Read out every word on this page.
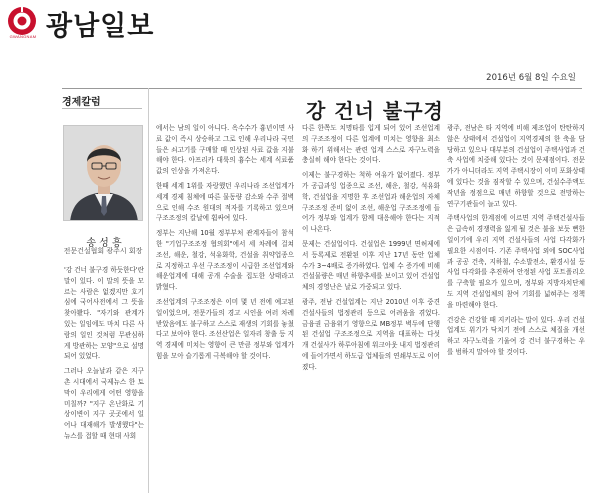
GWANGNAM 광남일보
2016년 6월 8일 수요일
경제칼럼	강 건너 불구경
송 성 흥
전문건설협회 광주시 회장

'강 건너 불구경 하듯한다'란 말이 있다. 이 말의 뜻을 모르는 사람은 없겠지만 호기심에 국어사전에서 그 뜻을 찾아봤다. "자기와 관계가 있는 일임에도 마치 다른 사람의 일인 것처럼 무관심하게 방관하는 모양"으로 설명되어 있었다.

그러나 오늘날과 같은 지구촌 시대에서 국제뉴스 한 토막이 우리에게 어떤 영향을 미칠까? "지구 온난화로 기상이변이 지구 곳곳에서 일어나 대재해가 발생했다"는 뉴스를 접할 때 현대 사회

에서는 남의 일이 아니다. 옥수수가 흉년이면 사료 값이 즉시 상승하고 그로 인해 우리나라 국민들은 쇠고기를 구매할 때 인상된 사료 값을 지불해야 한다. 아프리카 대륙의 흉수는 세계 식료품값의 인상을 가져온다.

한때 세계 1위를 자랑했던 우리나라 조선업계가 세계 경제 침체에 따른 물동량 감소와 수주 절벽으로 인해 수조 원대의 적자를 기록하고 있으며 구조조정의 칼날에 휩싸여 있다.

정부는 지난해 10월 정부부처 관계자들이 참석한 "기업구조조정 협의회"에서 세 차례에 걸쳐 조선, 해운, 철강, 석유화학, 건설을 취약업종으로 지정하고 우선 구조조정이 시급한 조선업계와 해운업계에 대해 공개 수술을 집도한 상태라고 밝혔다.

조선업계의 구조조정은 이미 몇 년 전에 예고된 일이었으며, 전문가들의 경고 시인을 여러 차례 받았음에도 불구하고 스스로 재생의 기회를 놓쳤다고 보아야 한다. 조선산업은 일자리 창출 등 지역 경제에 미치는 영향이 큰 만큼 정부와 업계가 힘을 모아 슬기롭게 극복해야 할 것이다.

다른 한쪽도 치명타를 입게 되어 있어 조선업계의 구조조정이 다른 업계에 미치는 영향을 최소화 하기 위해서는 관련 업계 스스로 자구노력을 충실히 해야 한다는 것이다.

이제는 불구경하는 척하 여유가 없어졌다. 정부가 공급과잉 업종으로 조선, 해운, 철강, 석유화학, 건설업을 지명한 후 조선업과 해운업의 자체 구조조정 준비 없이 조선, 해운업 구조조정에 들어가 정부와 업계가 함께 대응해야 한다는 지적이 나온다.

문제는 건설업이다. 건설업은 1999년 면허제에서 등록제로 전환된 이후 지난 17년 동안 업체 수가 3~4배로 증가하였다. 업체 수 증가에 비해 건설물량은 매년 하향추세를 보이고 있어 건설업체의 경영난은 날로 가중되고 있다.

광주, 전남 건설업계는 지난 2010년 이후 중견 건설사들의 법정관리 등으로 어려움을 겪었다. 금융권 금융위기 영향으로 MB정부 벽두에 단행된 건설업 구조조정으로 지역을 대표하는 다섯 개 건설사가 하루아침에 워크아웃 내지 법정관리에 들어가면서 하도급 업체들의 연쇄부도로 이어졌다.

광주, 전남은 타 지역에 비해 제조업이 탄탄하지 않은 상태에서 건설업이 지역경제의 한 축을 담당하고 있으나 대부분의 건설업이 주택사업과 건축 사업에 치중해 있다는 것이 문제점이다. 전문가가 아니더라도 지역 주택시장이 이미 포화상태에 있다는 것을 짐작할 수 있으며, 건설수주액도 작년을 정점으로 매년 하향할 것으로 전망하는 연구기관들이 늘고 있다.

주택사업의 한계점에 이르면 지역 주택건설사들은 급속히 경쟁력을 잃게 될 것은 불을 보듯 뻔한 일이기에 우리 지역 건설사들의 사업 다각화가 필요한 시점이다. 기존 주택사업 외에 SOC사업과 공공 건축, 지하철, 수소발전소, 환경시설 등 사업 다각화를 추진하여 안정된 사업 포트폴리오를 구축할 필요가 있으며, 정부와 지방자치단체도 지역 건설업체의 참여 기회를 넓혀주는 정책을 마련해야 한다.

건강은 건강할 때 지키라는 말이 있다. 우리 건설업계도 위기가 닥치기 전에 스스로 체질을 개선하고 자구노력을 기울여 강 건너 불구경하는 우를 범하지 말아야 할 것이다.
